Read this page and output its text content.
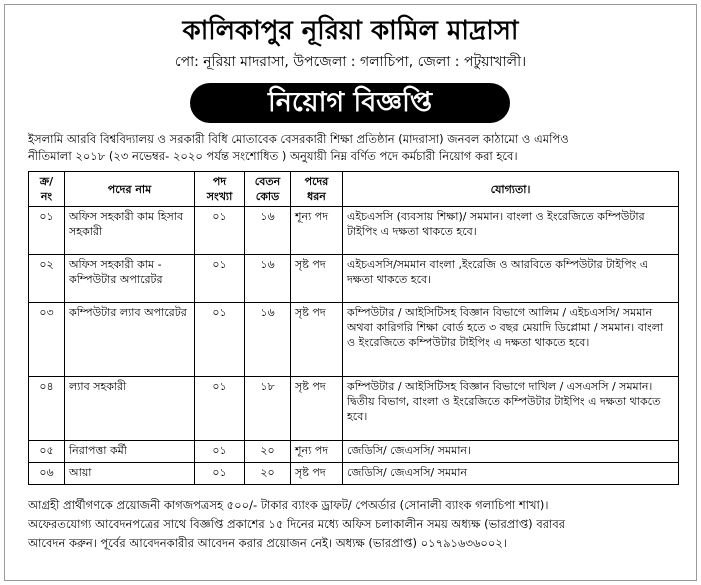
কালিকাপুর নূরিয়া কামিল মাদ্রাসা
পো: নূরিয়া মাদরাসা, উপজেলা : গলাচিপা, জেলা : পটুয়াখালী।
নিয়োগ বিজ্ঞপ্তি
ইসলামি আরবি বিশ্ববিদ্যালয় ও সরকারী বিধি মোতাবেক বেসরকারী শিক্ষা প্রতিষ্ঠান (মাদরাসা) জনবল কাঠামো ও এমপিও
নীতিমালা ২০১৮ (২৩ নভেম্বর- ২০২০ পর্যন্ত সংশোধিত ) অনুযায়ী নিম্ন বর্ণিত পদে কর্মচারী নিয়োগ করা হবে।
ক্র/ নং	পদের নাম	পদ সংখ্যা	বেতন কোড	পদের ধরন	যোগ্যতা।
০১	অফিস সহকারী কাম হিসাব সহকারী	০১	১৬	শূন্য পদ	এইচএসসি (ব্যবসায় শিক্ষা)/ সমমান। বাংলা ও ইংরেজিতে কম্পিউটার টাইপিং এ দক্ষতা থাকতে হবে।
০২	অফিস সহকারী কাম - কম্পিউটার অপারেটর	০১	১৬	সৃষ্ট পদ	এইচএসসি/সমমান বাংলা ,ইংরেজি ও আরবিতে কম্পিউটার টাইপিং এ দক্ষতা থাকতে হবে।
০৩	কম্পিউটার ল্যাব অপারেটর	০১	১৬	সৃষ্ট পদ	কম্পিউটার / আইসিটিসহ বিজ্ঞান বিভাগে আলিম / এইচএসসি/ সমমান অথবা কারিগরি শিক্ষা বোর্ড হতে ৩ বছর মেয়াদি ডিপ্লোমা / সমমান। বাংলা ও ইংরেজিতে কম্পিউটার টাইপিং এ দক্ষতা থাকতে হবে।
০৪	ল্যাব সহকারী	০১	১৮	সৃষ্ট পদ	কম্পিউটার / আইসিটিসহ বিজ্ঞান বিভাগে দাখিল / এসএসসি / সমমান। দ্বিতীয় বিভাগ, বাংলা ও ইংরেজিতে কম্পিউটার টাইপিং এ দক্ষতা থাকতে হবে।
০৫	নিরাপত্তা কর্মী	০১	২০	শূন্য পদ	জেডিসি/ জেএসসি/ সমমান।
০৬	আয়া	০১	২০	সৃষ্ট পদ	জেডিসি/ জেএসসি/ সমমান
আগ্রহী প্রার্থীগণকে প্রয়োজনী কাগজপত্রসহ ৫০০/- টাকার ব্যাংক ড্রাফট/ পেঅর্ডার (সোনালী ব্যাংক গলাচিপা শাখা)।
অফেরতযোগ্য আবেদনপত্রের সাথে বিজ্ঞপ্তি প্রকাশের ১৫ দিনের মধ্যে অফিস চলাকালীন সময় অধ্যক্ষ (ভারপ্রাপ্ত) বরাবর
আবেদন করুন। পূর্বের আবেদনকারীর আবেদন করার প্রয়োজন নেই। অধ্যক্ষ (ভারপ্রাপ্ত) ০১৭৯১৬৩৬০০২।
